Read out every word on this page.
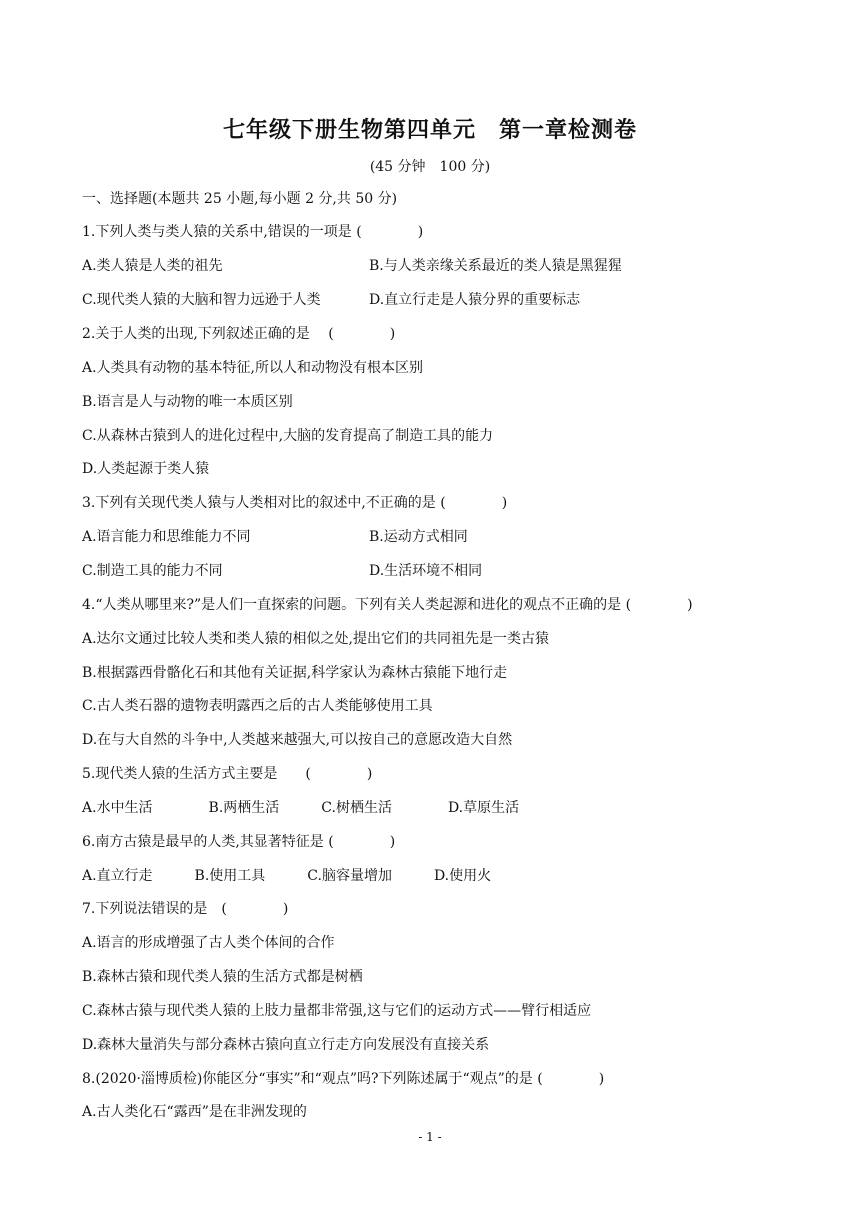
七年级下册生物第四单元　第一章检测卷
(45 分钟　100 分)
一、选择题(本题共 25 小题,每小题 2 分,共 50 分)
1.下列人类与类人猿的关系中,错误的一项是 (　　　　)
A.类人猿是人类的祖先	B.与人类亲缘关系最近的类人猿是黑猩猩
C.现代类人猿的大脑和智力远逊于人类	D.直立行走是人猿分界的重要标志
2.关于人类的出现,下列叙述正确的是　 (　　　　)
A.人类具有动物的基本特征,所以人和动物没有根本区别
B.语言是人与动物的唯一本质区别
C.从森林古猿到人的进化过程中,大脑的发育提高了制造工具的能力
D.人类起源于类人猿
3.下列有关现代类人猿与人类相对比的叙述中,不正确的是 (　　　　)
A.语言能力和思维能力不同	B.运动方式相同
C.制造工具的能力不同	D.生活环境不相同
4.“人类从哪里来?”是人们一直探索的问题。下列有关人类起源和进化的观点不正确的是 (　　　　)
A.达尔文通过比较人类和类人猿的相似之处,提出它们的共同祖先是一类古猿
B.根据露西骨骼化石和其他有关证据,科学家认为森林古猿能下地行走
C.古人类石器的遗物表明露西之后的古人类能够使用工具
D.在与大自然的斗争中,人类越来越强大,可以按自己的意愿改造大自然
5.现代类人猿的生活方式主要是　　(　　　　)
A.水中生活　　　　B.两栖生活　　　C.树栖生活　　　　D.草原生活
6.南方古猿是最早的人类,其显著特征是 (　　　　)
A.直立行走　　　B.使用工具　　　C.脑容量增加　　　D.使用火
7.下列说法错误的是　(　　　　)
A.语言的形成增强了古人类个体间的合作
B.森林古猿和现代类人猿的生活方式都是树栖
C.森林古猿与现代类人猿的上肢力量都非常强,这与它们的运动方式——臂行相适应
D.森林大量消失与部分森林古猿向直立行走方向发展没有直接关系
8.(2020·淄博质检)你能区分“事实”和“观点”吗?下列陈述属于“观点”的是 (　　　　)
A.古人类化石“露西”是在非洲发现的
- 1 -
